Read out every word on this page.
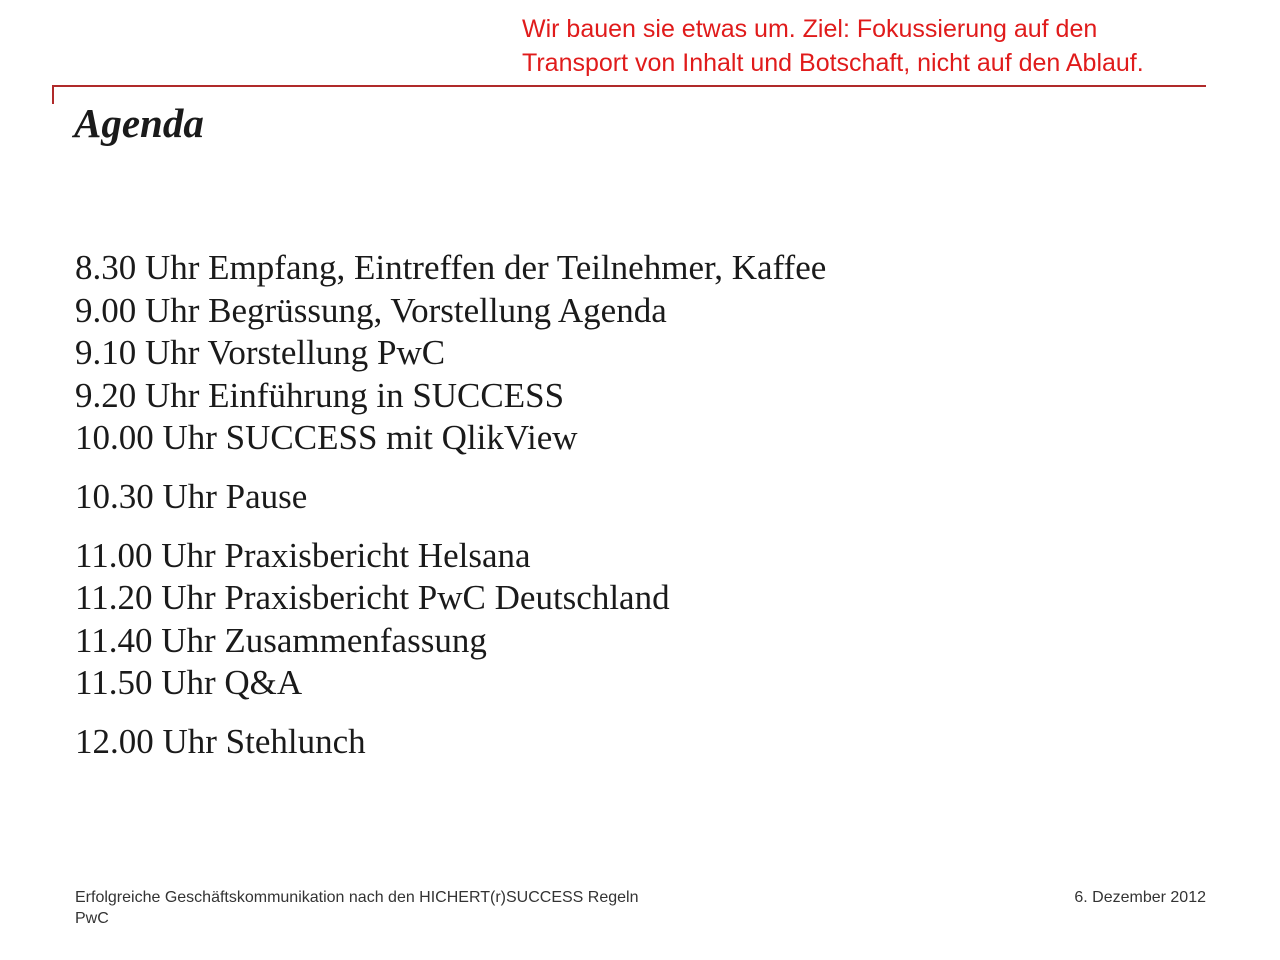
Wir bauen sie etwas um. Ziel: Fokussierung auf den
Transport von Inhalt und Botschaft, nicht auf den Ablauf.
Agenda
8.30 Uhr Empfang, Eintreffen der Teilnehmer, Kaffee
9.00 Uhr Begrüssung, Vorstellung Agenda
9.10 Uhr Vorstellung PwC
9.20 Uhr Einführung in SUCCESS
10.00 Uhr SUCCESS mit QlikView
10.30 Uhr Pause
11.00 Uhr Praxisbericht Helsana
11.20 Uhr Praxisbericht PwC Deutschland
11.40 Uhr Zusammenfassung
11.50 Uhr Q&A
12.00 Uhr Stehlunch
Erfolgreiche Geschäftskommunikation nach den HICHERT(r)SUCCESS Regeln
PwC
6. Dezember 2012
